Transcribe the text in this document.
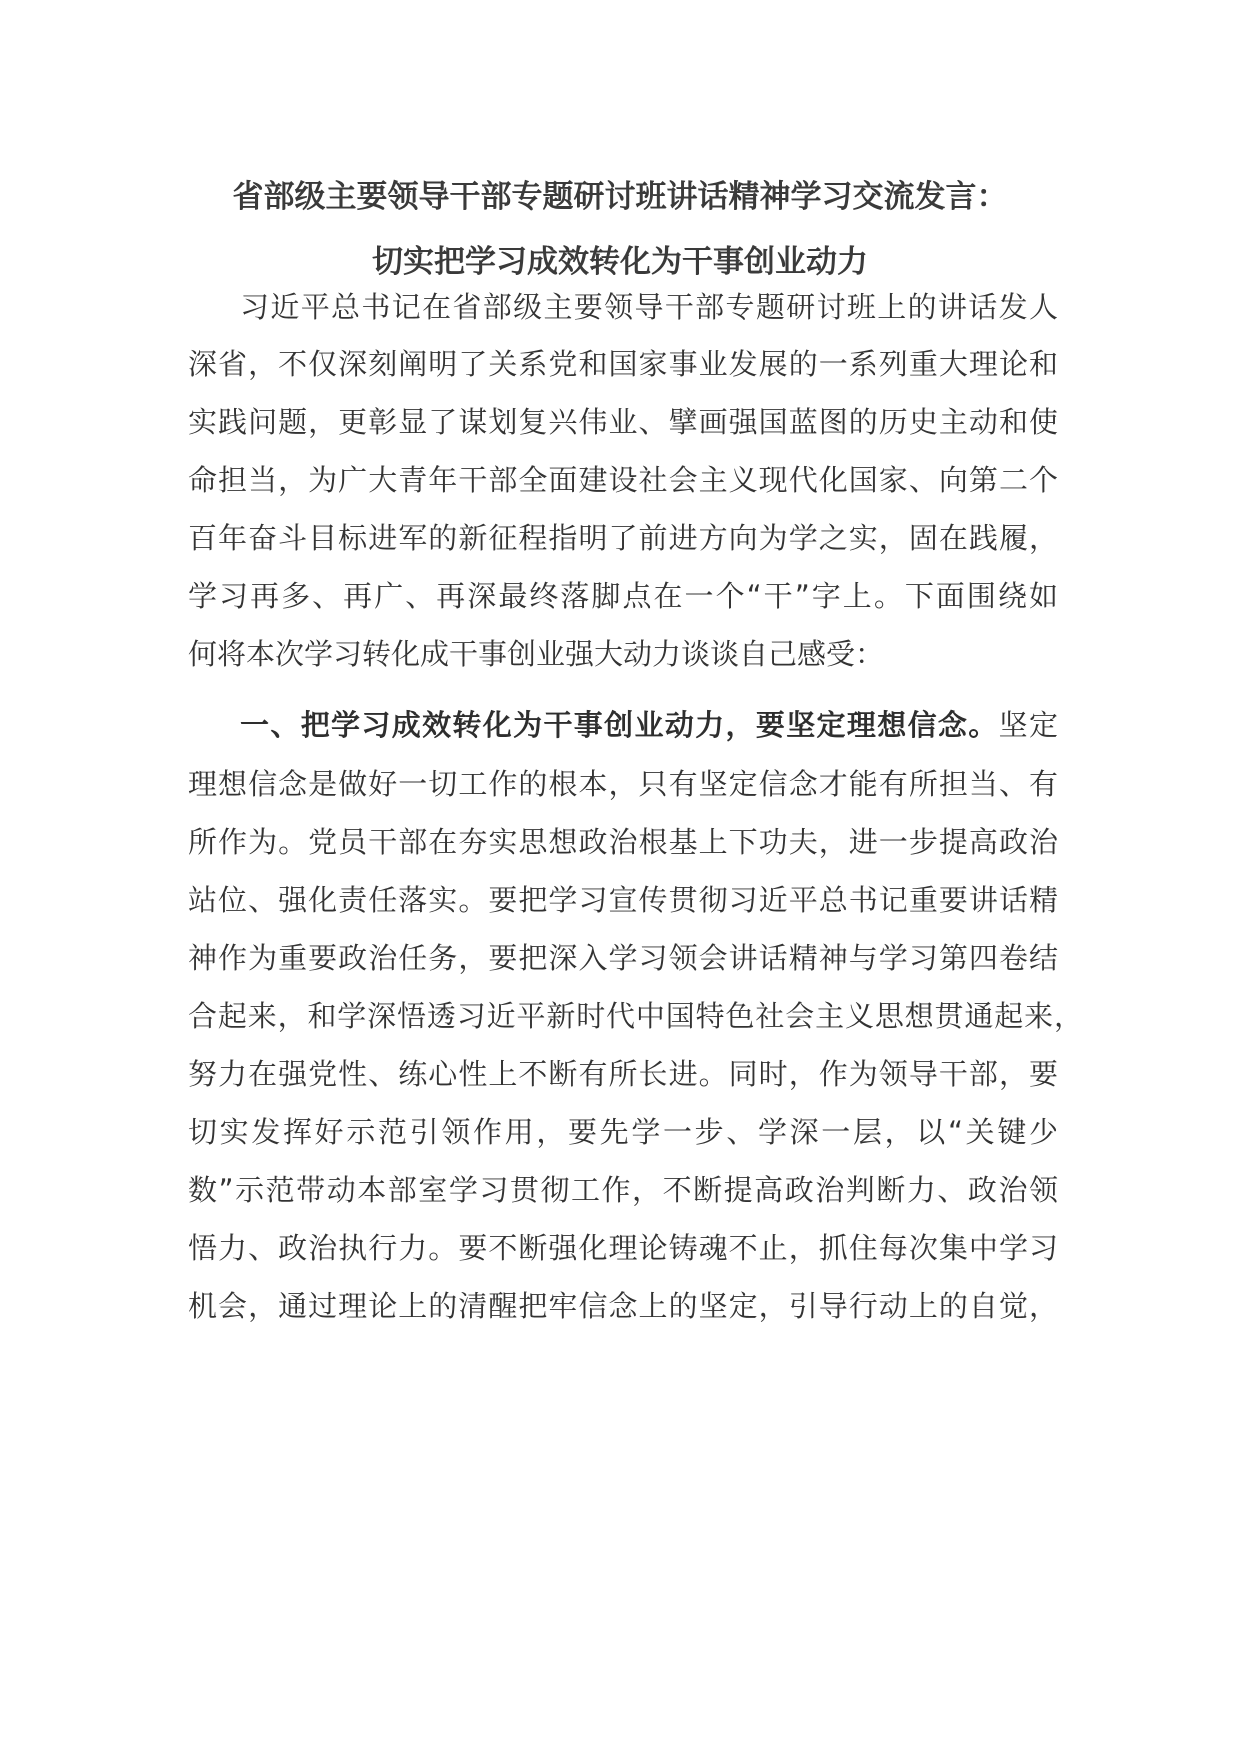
省部级主要领导干部专题研讨班讲话精神学习交流发言：
切实把学习成效转化为干事创业动力
习近平总书记在省部级主要领导干部专题研讨班上的讲话发人
深省，不仅深刻阐明了关系党和国家事业发展的一系列重大理论和
实践问题，更彰显了谋划复兴伟业、擘画强国蓝图的历史主动和使
命担当，为广大青年干部全面建设社会主义现代化国家、向第二个
百年奋斗目标进军的新征程指明了前进方向为学之实，固在践履，
学习再多、再广、再深最终落脚点在一个“干”字上。下面围绕如
何将本次学习转化成干事创业强大动力谈谈自己感受：
一、把学习成效转化为干事创业动力，要坚定理想信念。坚定
理想信念是做好一切工作的根本，只有坚定信念才能有所担当、有
所作为。党员干部在夯实思想政治根基上下功夫，进一步提高政治
站位、强化责任落实。要把学习宣传贯彻习近平总书记重要讲话精
神作为重要政治任务，要把深入学习领会讲话精神与学习第四卷结
合起来，和学深悟透习近平新时代中国特色社会主义思想贯通起来，
努力在强党性、练心性上不断有所长进。同时，作为领导干部，要
切实发挥好示范引领作用，要先学一步、学深一层，以“关键少
数”示范带动本部室学习贯彻工作，不断提高政治判断力、政治领
悟力、政治执行力。要不断强化理论铸魂不止，抓住每次集中学习
机会，通过理论上的清醒把牢信念上的坚定，引导行动上的自觉，
